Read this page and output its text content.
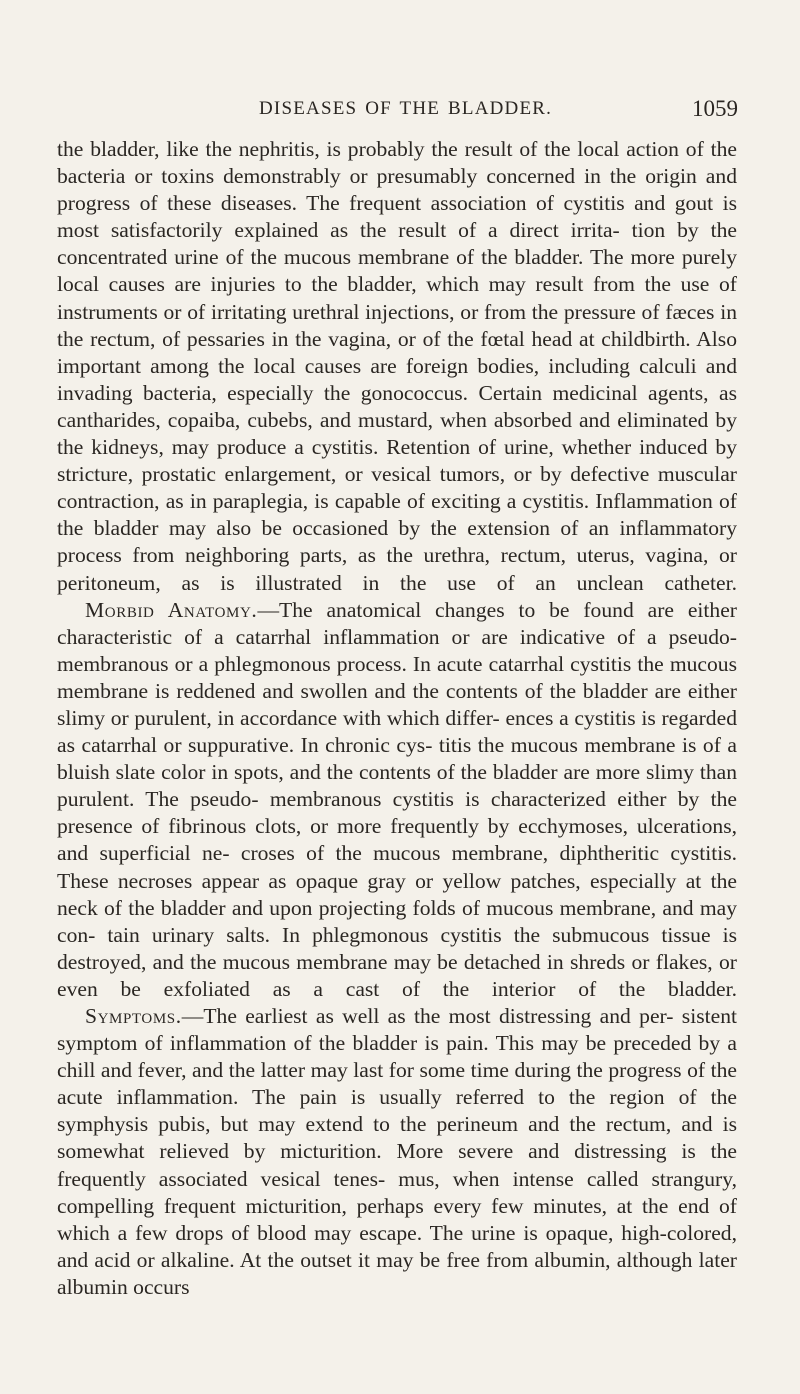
DISEASES OF THE BLADDER.	1059

the bladder, like the nephritis, is probably the result of the local action of the bacteria or toxins demonstrably or presumably concerned in the origin and progress of these diseases. The frequent association of cystitis and gout is most satisfactorily explained as the result of a direct irrita- tion by the concentrated urine of the mucous membrane of the bladder. The more purely local causes are injuries to the bladder, which may result from the use of instruments or of irritating urethral injections, or from the pressure of fæces in the rectum, of pessaries in the vagina, or of the fœtal head at childbirth. Also important among the local causes are foreign bodies, including calculi and invading bacteria, especially the gonococcus. Certain medicinal agents, as cantharides, copaiba, cubebs, and mustard, when absorbed and eliminated by the kidneys, may produce a cystitis. Retention of urine, whether induced by stricture, prostatic enlargement, or vesical tumors, or by defective muscular contraction, as in paraplegia, is capable of exciting a cystitis. Inflammation of the bladder may also be occasioned by the extension of an inflammatory process from neighboring parts, as the urethra, rectum, uterus, vagina, or peritoneum, as is illustrated in the use of an unclean catheter.

Morbid Anatomy.—The anatomical changes to be found are either characteristic of a catarrhal inflammation or are indicative of a pseudo- membranous or a phlegmonous process. In acute catarrhal cystitis the mucous membrane is reddened and swollen and the contents of the bladder are either slimy or purulent, in accordance with which differ- ences a cystitis is regarded as catarrhal or suppurative. In chronic cys- titis the mucous membrane is of a bluish slate color in spots, and the contents of the bladder are more slimy than purulent. The pseudo- membranous cystitis is characterized either by the presence of fibrinous clots, or more frequently by ecchymoses, ulcerations, and superficial ne- croses of the mucous membrane, diphtheritic cystitis. These necroses appear as opaque gray or yellow patches, especially at the neck of the bladder and upon projecting folds of mucous membrane, and may con- tain urinary salts. In phlegmonous cystitis the submucous tissue is destroyed, and the mucous membrane may be detached in shreds or flakes, or even be exfoliated as a cast of the interior of the bladder.

Symptoms.—The earliest as well as the most distressing and per- sistent symptom of inflammation of the bladder is pain. This may be preceded by a chill and fever, and the latter may last for some time during the progress of the acute inflammation. The pain is usually referred to the region of the symphysis pubis, but may extend to the perineum and the rectum, and is somewhat relieved by micturition. More severe and distressing is the frequently associated vesical tenes- mus, when intense called strangury, compelling frequent micturition, perhaps every few minutes, at the end of which a few drops of blood may escape. The urine is opaque, high-colored, and acid or alkaline. At the outset it may be free from albumin, although later albumin occurs
